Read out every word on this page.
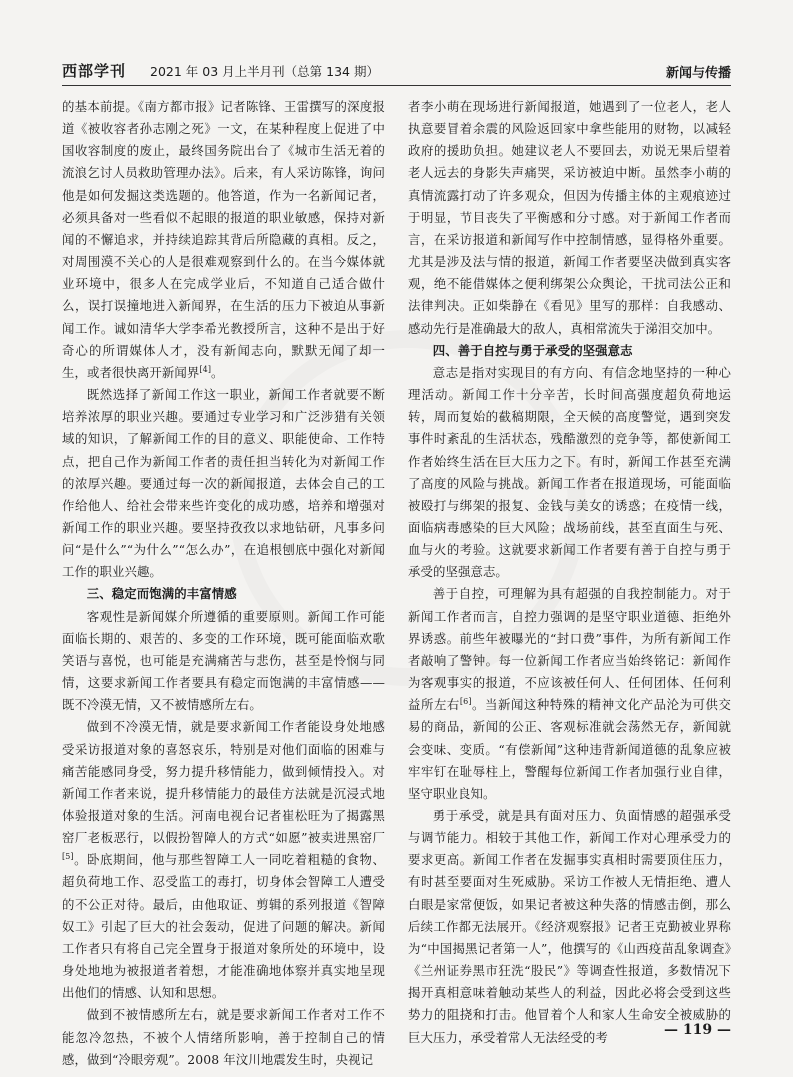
西部学刊 2021 年 03 月上半月刊（总第 134 期）	新闻与传播

的基本前提。《南方都市报》记者陈锋、王雷撰写的深度报道《被收容者孙志刚之死》一文，在某种程度上促进了中国收容制度的废止，最终国务院出台了《城市生活无着的流浪乞讨人员救助管理办法》。后来，有人采访陈锋，询问他是如何发掘这类选题的。他答道，作为一名新闻记者，必须具备对一些看似不起眼的报道的职业敏感，保持对新闻的不懈追求，并持续追踪其背后所隐藏的真相。反之，对周围漠不关心的人是很难观察到什么的。在当今媒体就业环境中，很多人在完成学业后，不知道自己适合做什么，误打误撞地进入新闻界，在生活的压力下被迫从事新闻工作。诚如清华大学李希光教授所言，这种不是出于好奇心的所谓媒体人才，没有新闻志向，默默无闻了却一生，或者很快离开新闻界[4]。

既然选择了新闻工作这一职业，新闻工作者就要不断培养浓厚的职业兴趣。要通过专业学习和广泛涉猎有关领域的知识，了解新闻工作的目的意义、职能使命、工作特点，把自己作为新闻工作者的责任担当转化为对新闻工作的浓厚兴趣。要通过每一次的新闻报道，去体会自己的工作给他人、给社会带来些许变化的成功感，培养和增强对新闻工作的职业兴趣。要坚持孜孜以求地钻研，凡事多问问“是什么”“为什么”“怎么办”，在追根刨底中强化对新闻工作的职业兴趣。

三、稳定而饱满的丰富情感

客观性是新闻媒介所遵循的重要原则。新闻工作可能面临长期的、艰苦的、多变的工作环境，既可能面临欢歌笑语与喜悦，也可能是充满痛苦与悲伤，甚至是怜悯与同情，这要求新闻工作者要具有稳定而饱满的丰富情感——既不冷漠无情，又不被情感所左右。

做到不冷漠无情，就是要求新闻工作者能设身处地感受采访报道对象的喜怒哀乐，特别是对他们面临的困难与痛苦能感同身受，努力提升移情能力，做到倾情投入。对新闻工作者来说，提升移情能力的最佳方法就是沉浸式地体验报道对象的生活。河南电视台记者崔松旺为了揭露黑窑厂老板恶行，以假扮智障人的方式“如愿”被卖进黑窑厂[5]。卧底期间，他与那些智障工人一同吃着粗糙的食物、超负荷地工作、忍受监工的毒打，切身体会智障工人遭受的不公正对待。最后，由他取证、剪辑的系列报道《智障奴工》引起了巨大的社会轰动，促进了问题的解决。新闻工作者只有将自己完全置身于报道对象所处的环境中，设身处地地为被报道者着想，才能准确地体察并真实地呈现出他们的情感、认知和思想。

做到不被情感所左右，就是要求新闻工作者对工作不能忽冷忽热，不被个人情绪所影响，善于控制自己的情感，做到“冷眼旁观”。2008 年汶川地震发生时，央视记

者李小萌在现场进行新闻报道，她遇到了一位老人，老人执意要冒着余震的风险返回家中拿些能用的财物，以减轻政府的援助负担。她建议老人不要回去，劝说无果后望着老人远去的身影失声痛哭，采访被迫中断。虽然李小萌的真情流露打动了许多观众，但因为传播主体的主观痕迹过于明显，节目丧失了平衡感和分寸感。对于新闻工作者而言，在采访报道和新闻写作中控制情感，显得格外重要。尤其是涉及法与情的报道，新闻工作者要坚决做到真实客观，绝不能借媒体之便利绑架公众舆论，干扰司法公正和法律判决。正如柴静在《看见》里写的那样：自我感动、感动先行是准确最大的敌人，真相常流失于涕泪交加中。

四、善于自控与勇于承受的坚强意志

意志是指对实现目的有方向、有信念地坚持的一种心理活动。新闻工作十分辛苦，长时间高强度超负荷地运转，周而复始的截稿期限，全天候的高度警觉，遇到突发事件时紊乱的生活状态，残酷激烈的竞争等，都使新闻工作者始终生活在巨大压力之下。有时，新闻工作甚至充满了高度的风险与挑战。新闻工作者在报道现场，可能面临被殴打与绑架的报复、金钱与美女的诱惑；在疫情一线，面临病毒感染的巨大风险；战场前线，甚至直面生与死、血与火的考验。这就要求新闻工作者要有善于自控与勇于承受的坚强意志。

善于自控，可理解为具有超强的自我控制能力。对于新闻工作者而言，自控力强调的是坚守职业道德、拒绝外界诱惑。前些年被曝光的“封口费”事件，为所有新闻工作者敲响了警钟。每一位新闻工作者应当始终铭记：新闻作为客观事实的报道，不应该被任何人、任何团体、任何利益所左右[6]。当新闻这种特殊的精神文化产品沦为可供交易的商品，新闻的公正、客观标准就会荡然无存，新闻就会变味、变质。“有偿新闻”这种违背新闻道德的乱象应被牢牢钉在耻辱柱上，警醒每位新闻工作者加强行业自律，坚守职业良知。

勇于承受，就是具有面对压力、负面情感的超强承受与调节能力。相较于其他工作，新闻工作对心理承受力的要求更高。新闻工作者在发掘事实真相时需要顶住压力，有时甚至要面对生死威胁。采访工作被人无情拒绝、遭人白眼是家常便饭，如果记者被这种失落的情感击倒，那么后续工作都无法展开。《经济观察报》记者王克勤被业界称为“中国揭黑记者第一人”，他撰写的《山西疫苗乱象调查》《兰州证券黑市狂洗“股民”》等调查性报道，多数情况下揭开真相意味着触动某些人的利益，因此必将会受到这些势力的阻挠和打击。他冒着个人和家人生命安全被威胁的巨大压力，承受着常人无法经受的考	— 119 —
